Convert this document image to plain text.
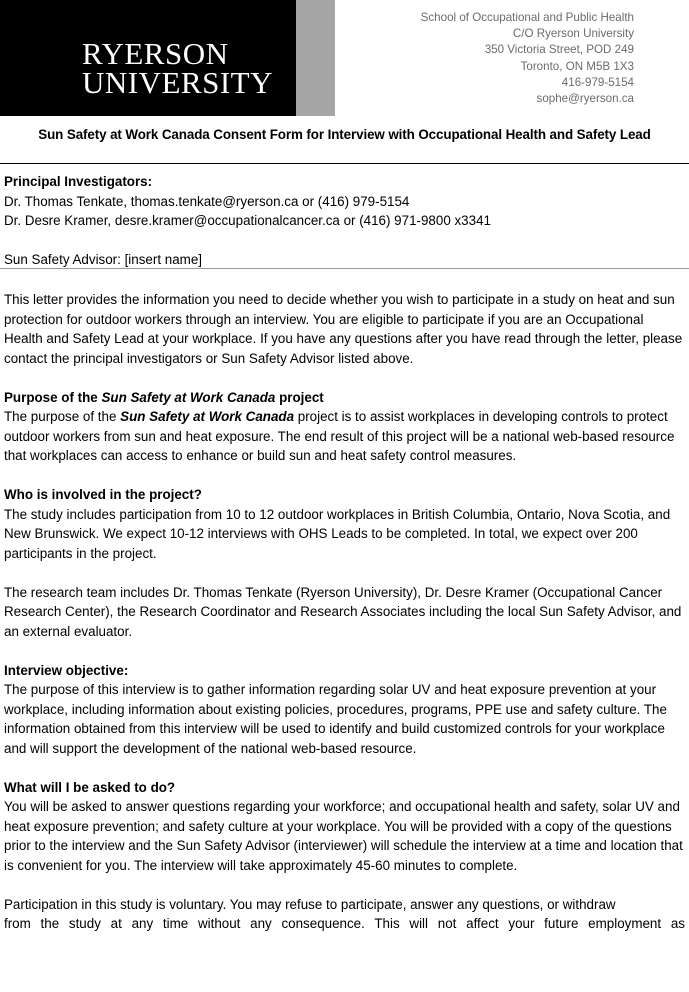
RYERSON
UNIVERSITY
School of Occupational and Public Health
C/O Ryerson University
350 Victoria Street, POD 249
Toronto, ON M5B 1X3
416-979-5154
sophe@ryerson.ca
Sun Safety at Work Canada Consent Form for Interview with Occupational Health and Safety Lead
Principal Investigators:
Dr. Thomas Tenkate, thomas.tenkate@ryerson.ca or (416) 979-5154
Dr. Desre Kramer, desre.kramer@occupationalcancer.ca or (416) 971-9800 x3341

Sun Safety Advisor: [insert name]

This letter provides the information you need to decide whether you wish to participate in a study on heat and sun protection for outdoor workers through an interview. You are eligible to participate if you are an Occupational Health and Safety Lead at your workplace. If you have any questions after you have read through the letter, please contact the principal investigators or Sun Safety Advisor listed above.

Purpose of the Sun Safety at Work Canada project
The purpose of the Sun Safety at Work Canada project is to assist workplaces in developing controls to protect outdoor workers from sun and heat exposure. The end result of this project will be a national web-based resource that workplaces can access to enhance or build sun and heat safety control measures.
Who is involved in the project?
The study includes participation from 10 to 12 outdoor workplaces in British Columbia, Ontario, Nova Scotia, and New Brunswick. We expect 10-12 interviews with OHS Leads to be completed. In total, we expect over 200 participants in the project.

The research team includes Dr. Thomas Tenkate (Ryerson University), Dr. Desre Kramer (Occupational Cancer Research Center), the Research Coordinator and Research Associates including the local Sun Safety Advisor, and an external evaluator.

Interview objective:
The purpose of this interview is to gather information regarding solar UV and heat exposure prevention at your workplace, including information about existing policies, procedures, programs, PPE use and safety culture. The information obtained from this interview will be used to identify and build customized controls for your workplace and will support the development of the national web-based resource.
What will I be asked to do?
You will be asked to answer questions regarding your workforce; and occupational health and safety, solar UV and heat exposure prevention; and safety culture at your workplace. You will be provided with a copy of the questions prior to the interview and the Sun Safety Advisor (interviewer) will schedule the interview at a time and location that is convenient for you. The interview will take approximately 45-60 minutes to complete.
Participation in this study is voluntary. You may refuse to participate, answer any questions, or withdraw
from the study at any time without any consequence. This will not affect your future employment as
